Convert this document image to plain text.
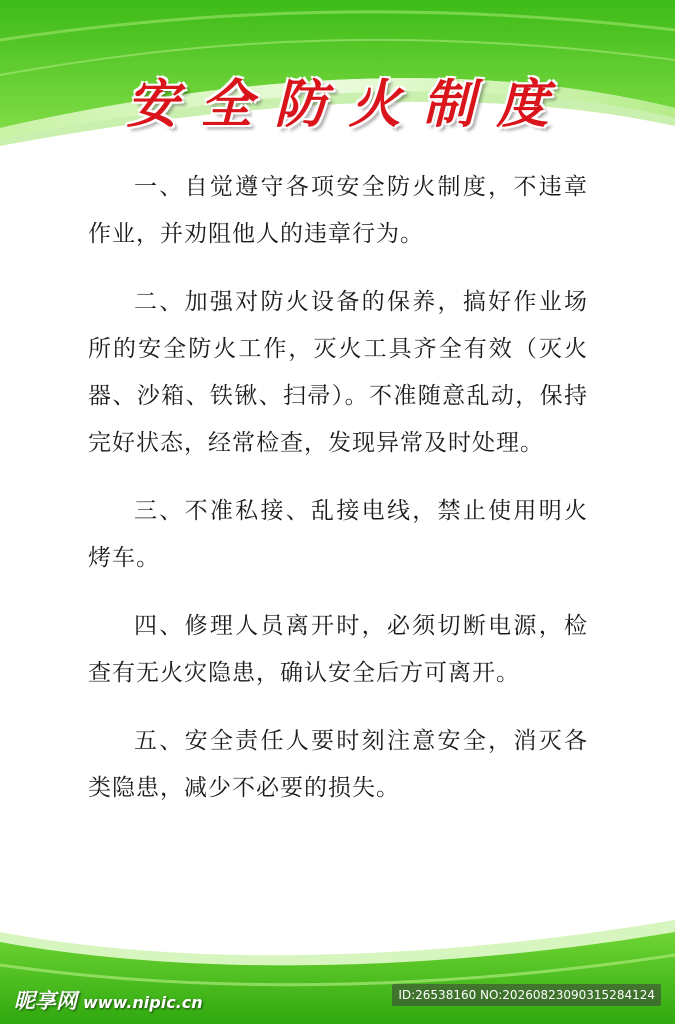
安全防火制度

一、自觉遵守各项安全防火制度，不违章作业，并劝阻他人的违章行为。

二、加强对防火设备的保养，搞好作业场所的安全防火工作，灭火工具齐全有效（灭火器、沙箱、铁锹、扫帚）。不准随意乱动，保持完好状态，经常检查，发现异常及时处理。

三、不准私接、乱接电线，禁止使用明火烤车。

四、修理人员离开时，必须切断电源，检查有无火灾隐患，确认安全后方可离开。

五、安全责任人要时刻注意安全，消灭各类隐患，减少不必要的损失。

昵享网 www.nipic.cn	ID:26538160 NO:20260823090315284124
